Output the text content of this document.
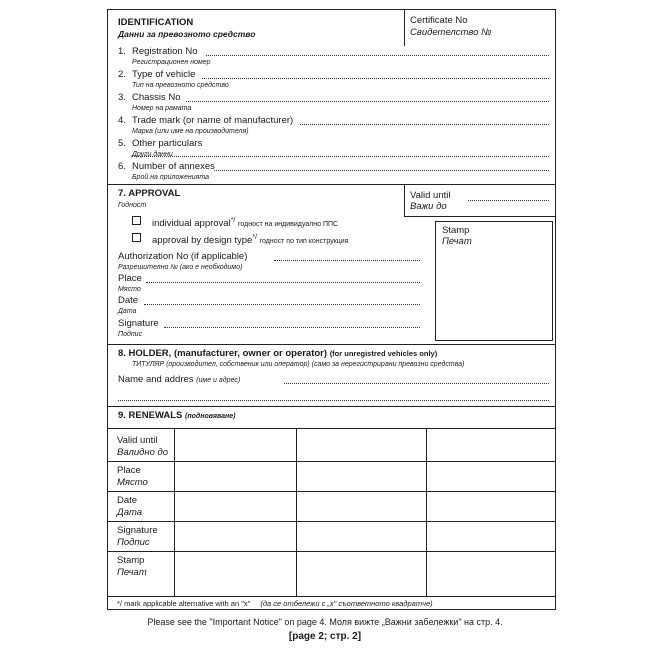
IDENTIFICATION
Данни за превозното средство
Certificate No
Свидетелство №
1. Registration No
Регистрационен номер
2. Type of vehicle
Тип на превозното средство
3. Chassis No
Номер на рамата
4. Trade mark (or name of manufacturer)
Марка (или име на производителя)
5. Other particulars
Други данни
6. Number of annexes
Брой на приложенията
7. APPROVAL
Годност
Valid until
Важи до
Stamp
Печат
individual approval*/ годност на индивидуално ППС
approval by design type*/ годност по тип конструкция
Authorization No (if applicable)
Разрешително № (ако е необходимо)
Place
Място
Date
Дата
Signature
Подпис
8. HOLDER, (manufacturer, owner or operator) (for unregistred vehicles only)
ТИТУЛЯР (производител, собственик или оператор) (само за нерегистрирани превозни средства)
Name and addres (име и адрес)
9. RENEWALS (подновяване)
Valid until
Валидно до
Place
Място
Date
Дата
Signature
Подпис
Stamp
Печат
*/ mark applicable alternative with an "x" (да се отбележи с „x" съответното квадратче)
Please see the "Important Notice" on page 4. Моля вижте „Важни забележки" на стр. 4.
[page 2; стр. 2]
